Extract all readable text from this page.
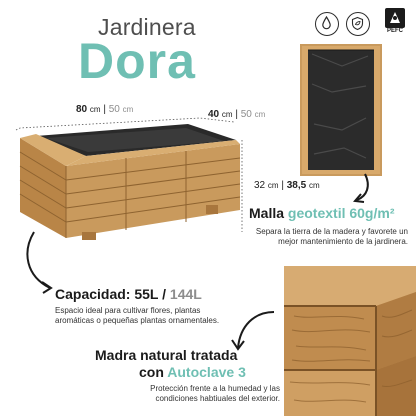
Jardinera
Dora
PEFC
80 cm | 50 cm	40 cm | 50 cm
32 cm | 38,5 cm
Malla geotextil 60g/m²
Separa la tierra de la madera y favorete un mejor mantenimiento de la jardinera.
Capacidad: 55L / 144L
Espacio ideal para cultivar flores, plantas aromáticas o pequeñas plantas ornamentales.
Madra natural tratada
con Autoclave 3
Protección frente a la humedad y las condiciones habtiuales del exterior.
